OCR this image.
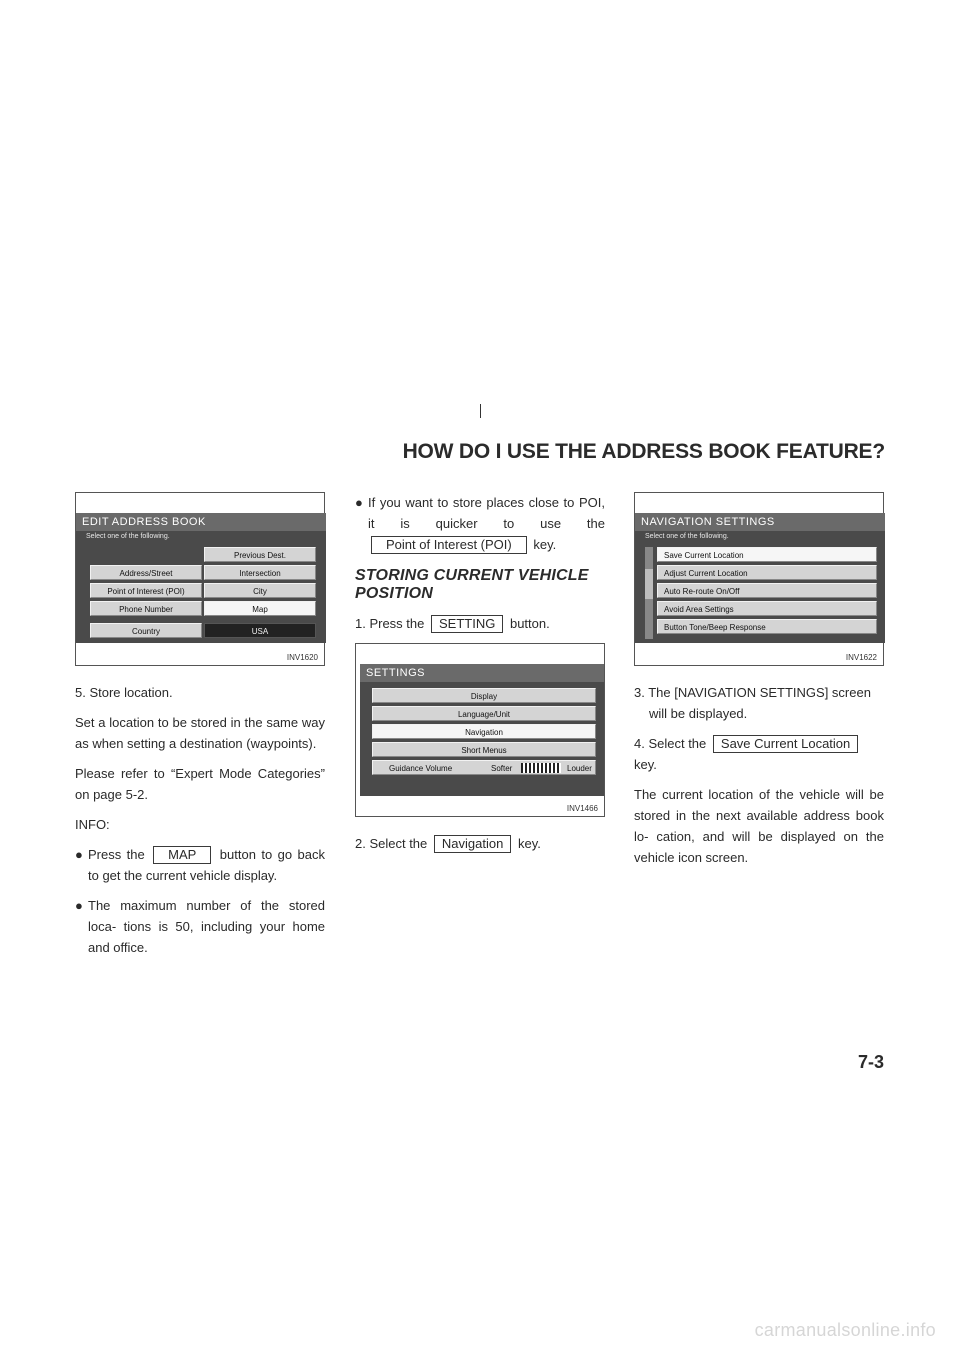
HOW DO I USE THE ADDRESS BOOK FEATURE?
EDIT ADDRESS BOOK
Select one of the following.
Previous Dest.
Address/Street	Intersection
Point of Interest (POI)	City
Phone Number	Map
Country	USA
INV1620

5. Store location.

Set a location to be stored in the same way as when setting a destination (waypoints).

Please refer to “Expert Mode Categories” on page 5-2.

INFO:

● Press the MAP button to go back to get the current vehicle display.
● The maximum number of the stored loca- tions is 50, including your home and office.
● If you want to store places close to POI, it is quicker to use the Point of Interest (POI) key.
STORING CURRENT VEHICLE
POSITION

1. Press the SETTING button.

SETTINGS
Display
Language/Unit
Navigation
Short Menus
Guidance Volume	Softer	Louder
INV1466

2. Select the Navigation key.

NAVIGATION SETTINGS
Select one of the following.
Save Current Location
Adjust Current Location
Auto Re-route On/Off
Avoid Area Settings
Button Tone/Beep Response
INV1622

3. The [NAVIGATION SETTINGS] screen will be displayed.

4. Select the Save Current Location key.

The current location of the vehicle will be stored in the next available address book lo- cation, and will be displayed on the vehicle icon screen.

7-3
carmanualsonline.info
